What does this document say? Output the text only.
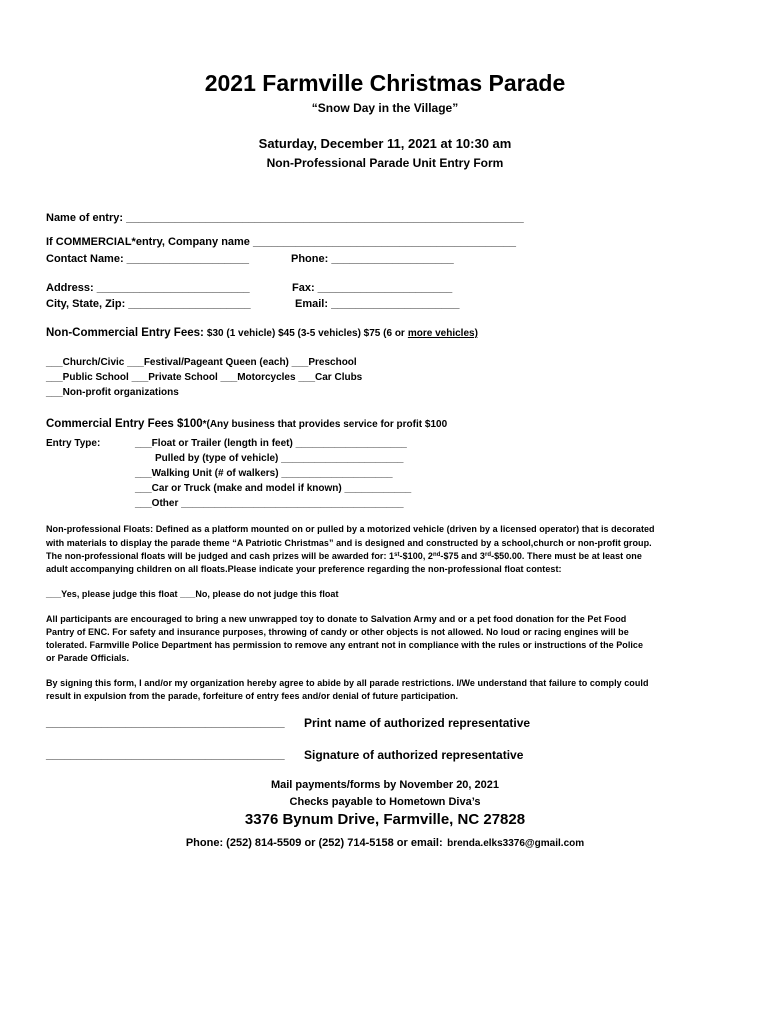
2021 Farmville Christmas Parade
“Snow Day in the Village”
Saturday, December 11, 2021 at 10:30 am
Non-Professional Parade Unit Entry Form
Name of entry: _________________________________________________________________
If COMMERCIAL*entry, Company name ___________________________________________
Contact Name: ____________________	Phone: ____________________
Address: _________________________	Fax: ______________________
City, State, Zip: ____________________	Email: _____________________
Non-Commercial Entry Fees: $30 (1 vehicle) $45 (3-5 vehicles) $75 (6 or more vehicles)
___Church/Civic ___Festival/Pageant Queen (each) ___Preschool
___Public School ___Private School ___Motorcycles ___Car Clubs
___Non-profit organizations
Commercial Entry Fees $100*(Any business that provides service for profit $100
Entry Type:	___Float or Trailer (length in feet) ____________________
Pulled by (type of vehicle) ______________________
___Walking Unit (# of walkers) ____________________
___Car or Truck (make and model if known) ____________
___Other ________________________________________
Non-professional Floats: Defined as a platform mounted on or pulled by a motorized vehicle (driven by a licensed operator) that is decorated
with materials to display the parade theme “A Patriotic Christmas” and is designed and constructed by a school,church or non-profit group.
The non-professional floats will be judged and cash prizes will be awarded for: 1st-$100, 2nd-$75 and 3rd-$50.00. There must be at least one
adult accompanying children on all floats.Please indicate your preference regarding the non-professional float contest:
___Yes, please judge this float ___No, please do not judge this float
All participants are encouraged to bring a new unwrapped toy to donate to Salvation Army and or a pet food donation for the Pet Food
Pantry of ENC. For safety and insurance purposes, throwing of candy or other objects is not allowed. No loud or racing engines will be
tolerated. Farmville Police Department has permission to remove any entrant not in compliance with the rules or instructions of the Police
or Parade Officials.
By signing this form, I and/or my organization hereby agree to abide by all parade restrictions. I/We understand that failure to comply could
result in expulsion from the parade, forfeiture of entry fees and/or denial of future participation.
_______________________________________ Print name of authorized representative
_______________________________________ Signature of authorized representative
Mail payments/forms by November 20, 2021
Checks payable to Hometown Diva’s
3376 Bynum Drive, Farmville, NC 27828
Phone: (252) 814-5509 or (252) 714-5158 or email: brenda.elks3376@gmail.com
